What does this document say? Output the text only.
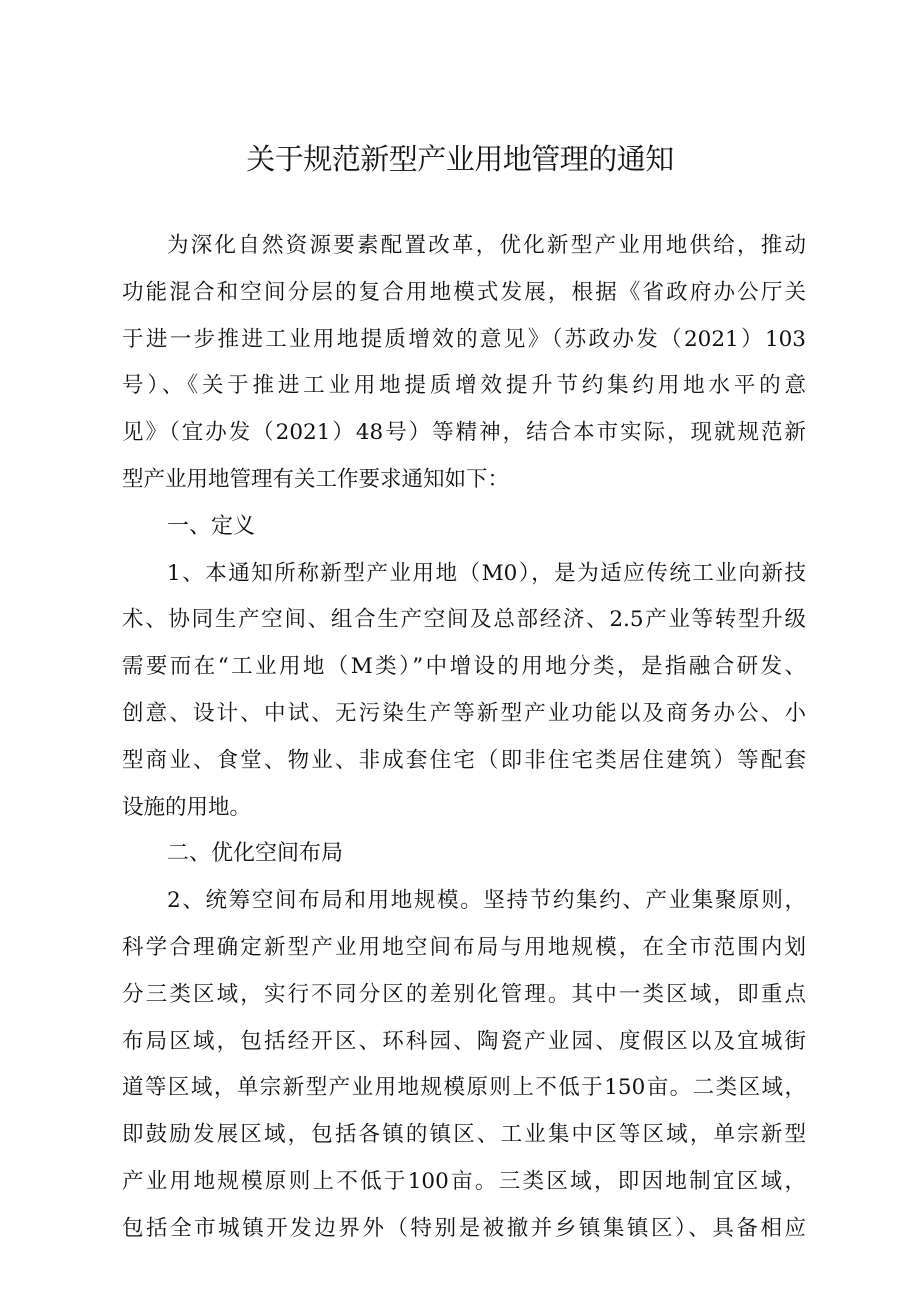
关于规范新型产业用地管理的通知
为深化自然资源要素配置改革，优化新型产业用地供给，推动
功能混合和空间分层的复合用地模式发展，根据《省政府办公厅关
于进一步推进工业用地提质增效的意见》（苏政办发（2021）103
号）、《关于推进工业用地提质增效提升节约集约用地水平的意
见》（宜办发（2021）48号）等精神，结合本市实际，现就规范新
型产业用地管理有关工作要求通知如下：
一、定义
1、本通知所称新型产业用地（M0），是为适应传统工业向新技
术、协同生产空间、组合生产空间及总部经济、2.5产业等转型升级
需要而在“工业用地（M类）”中增设的用地分类，是指融合研发、
创意、设计、中试、无污染生产等新型产业功能以及商务办公、小
型商业、食堂、物业、非成套住宅（即非住宅类居住建筑）等配套
设施的用地。
二、优化空间布局
2、统筹空间布局和用地规模。坚持节约集约、产业集聚原则，
科学合理确定新型产业用地空间布局与用地规模，在全市范围内划
分三类区域，实行不同分区的差别化管理。其中一类区域，即重点
布局区域，包括经开区、环科园、陶瓷产业园、度假区以及宜城街
道等区域，单宗新型产业用地规模原则上不低于150亩。二类区域，
即鼓励发展区域，包括各镇的镇区、工业集中区等区域，单宗新型
产业用地规模原则上不低于100亩。三类区域，即因地制宜区域，
包括全市城镇开发边界外（特别是被撤并乡镇集镇区）、具备相应
